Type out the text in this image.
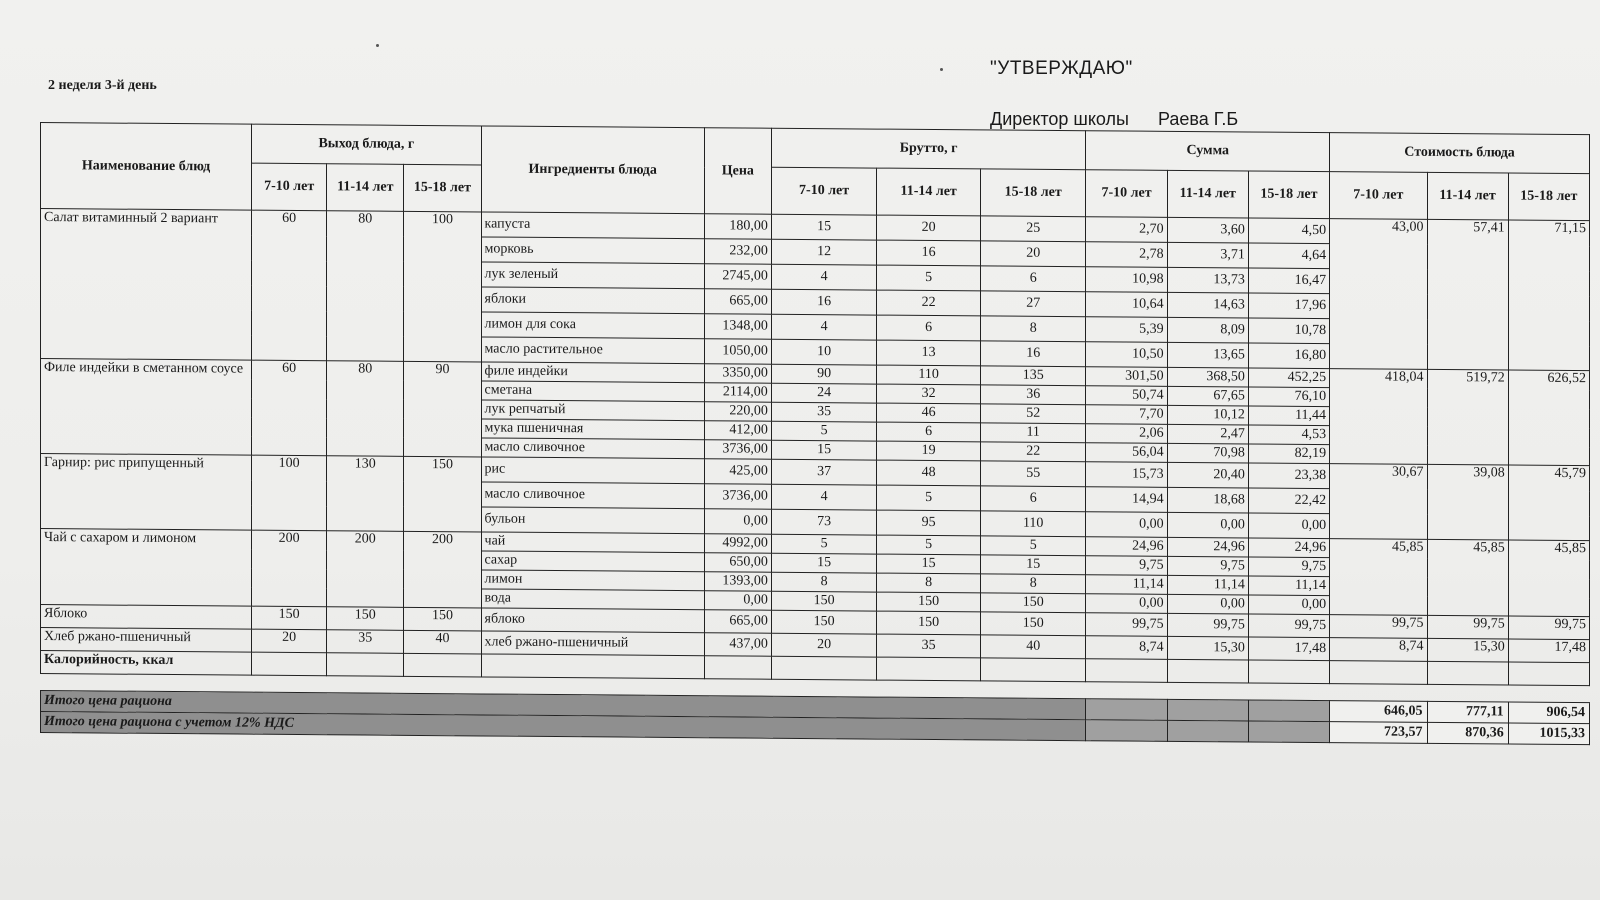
2 неделя 3-й день
"УТВЕРЖДАЮ"
Директор школы Раева Г.Б
Наименование блюд	Выход блюда, г			Ингредиенты блюда	Цена	Брутто, г			Сумма			Стоимость блюда		
	7-10 лет	11-14 лет	15-18 лет			7-10 лет	11-14 лет	15-18 лет	7-10 лет	11-14 лет	15-18 лет	7-10 лет	11-14 лет	15-18 лет
Салат витаминный 2 вариант	60	80	100	капуста	180,00	15	20	25	2,70	3,60	4,50	43,00	57,41	71,15
				морковь	232,00	12	16	20	2,78	3,71	4,64			
				лук зеленый	2745,00	4	5	6	10,98	13,73	16,47			
				яблоки	665,00	16	22	27	10,64	14,63	17,96			
				лимон для сока	1348,00	4	6	8	5,39	8,09	10,78			
				масло растительное	1050,00	10	13	16	10,50	13,65	16,80			
Филе индейки в сметанном соусе	60	80	90	филе индейки	3350,00	90	110	135	301,50	368,50	452,25	418,04	519,72	626,52
				сметана	2114,00	24	32	36	50,74	67,65	76,10			
				лук репчатый	220,00	35	46	52	7,70	10,12	11,44			
				мука пшеничная	412,00	5	6	11	2,06	2,47	4,53			
				масло сливочное	3736,00	15	19	22	56,04	70,98	82,19			
Гарнир: рис припущенный	100	130	150	рис	425,00	37	48	55	15,73	20,40	23,38	30,67	39,08	45,79
				масло сливочное	3736,00	4	5	6	14,94	18,68	22,42			
				бульон	0,00	73	95	110	0,00	0,00	0,00			
Чай с сахаром и лимоном	200	200	200	чай	4992,00	5	5	5	24,96	24,96	24,96	45,85	45,85	45,85
				сахар	650,00	15	15	15	9,75	9,75	9,75			
				лимон	1393,00	8	8	8	11,14	11,14	11,14			
				вода	0,00	150	150	150	0,00	0,00	0,00			
Яблоко	150	150	150	яблоко	665,00	150	150	150	99,75	99,75	99,75	99,75	99,75	99,75
Хлеб ржано-пшеничный	20	35	40	хлеб ржано-пшеничный	437,00	20	35	40	8,74	15,30	17,48	8,74	15,30	17,48
Калорийность, ккал														

Итого цена рациона												646,05	777,11	906,54
Итого цена рациона с учетом 12% НДС												723,57	870,36	1015,33
